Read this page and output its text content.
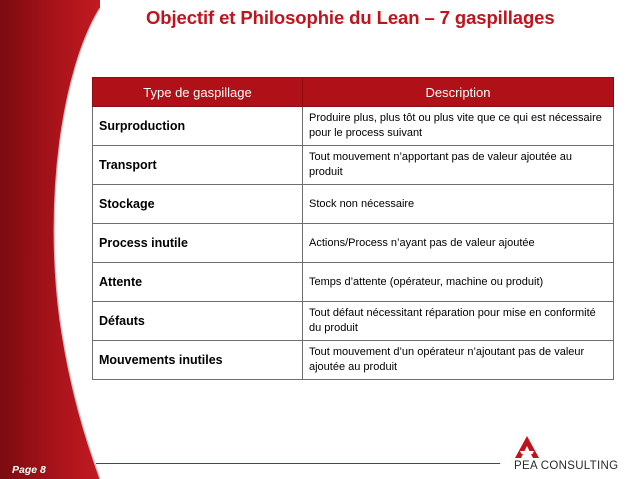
Objectif et Philosophie du Lean – 7 gaspillages
Type de gaspillage	Description
Surproduction	Produire plus, plus tôt ou plus vite que ce qui est nécessaire pour le process suivant
Transport	Tout mouvement n’apportant pas de valeur ajoutée au produit
Stockage	Stock non nécessaire
Process inutile	Actions/Process n’ayant pas de valeur ajoutée
Attente	Temps d’attente (opérateur, machine ou produit)
Défauts	Tout défaut nécessitant réparation pour mise en conformité du produit
Mouvements inutiles	Tout mouvement d’un opérateur n’ajoutant pas de valeur ajoutée au produit
Page 8	PEA CONSULTING
